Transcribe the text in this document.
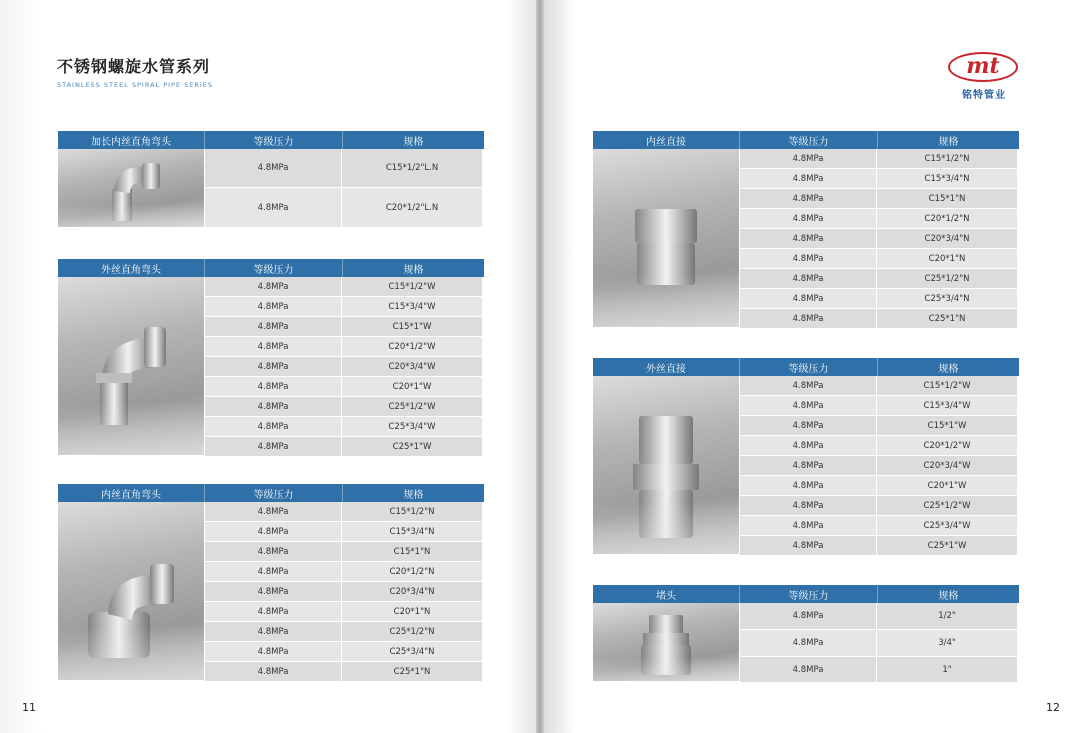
不锈钢螺旋水管系列
STAINLESS STEEL SPIRAL PIPE SERIES
11	12
mt
铭特管业
加长内丝直角弯头	等级压力	规格
4.8MPa	C15*1/2"L.N
4.8MPa	C20*1/2"L.N
外丝直角弯头	等级压力	规格
4.8MPa	C15*1/2"W
4.8MPa	C15*3/4"W
4.8MPa	C15*1"W
4.8MPa	C20*1/2"W
4.8MPa	C20*3/4"W
4.8MPa	C20*1"W
4.8MPa	C25*1/2"W
4.8MPa	C25*3/4"W
4.8MPa	C25*1"W
内丝直角弯头	等级压力	规格
4.8MPa	C15*1/2"N
4.8MPa	C15*3/4"N
4.8MPa	C15*1"N
4.8MPa	C20*1/2"N
4.8MPa	C20*3/4"N
4.8MPa	C20*1"N
4.8MPa	C25*1/2"N
4.8MPa	C25*3/4"N
4.8MPa	C25*1"N
内丝直接	等级压力	规格
4.8MPa	C15*1/2"N
4.8MPa	C15*3/4"N
4.8MPa	C15*1"N
4.8MPa	C20*1/2"N
4.8MPa	C20*3/4"N
4.8MPa	C20*1"N
4.8MPa	C25*1/2"N
4.8MPa	C25*3/4"N
4.8MPa	C25*1"N
外丝直接	等级压力	规格
4.8MPa	C15*1/2"W
4.8MPa	C15*3/4"W
4.8MPa	C15*1"W
4.8MPa	C20*1/2"W
4.8MPa	C20*3/4"W
4.8MPa	C20*1"W
4.8MPa	C25*1/2"W
4.8MPa	C25*3/4"W
4.8MPa	C25*1"W
堵头	等级压力	规格
4.8MPa	1/2"
4.8MPa	3/4"
4.8MPa	1"
